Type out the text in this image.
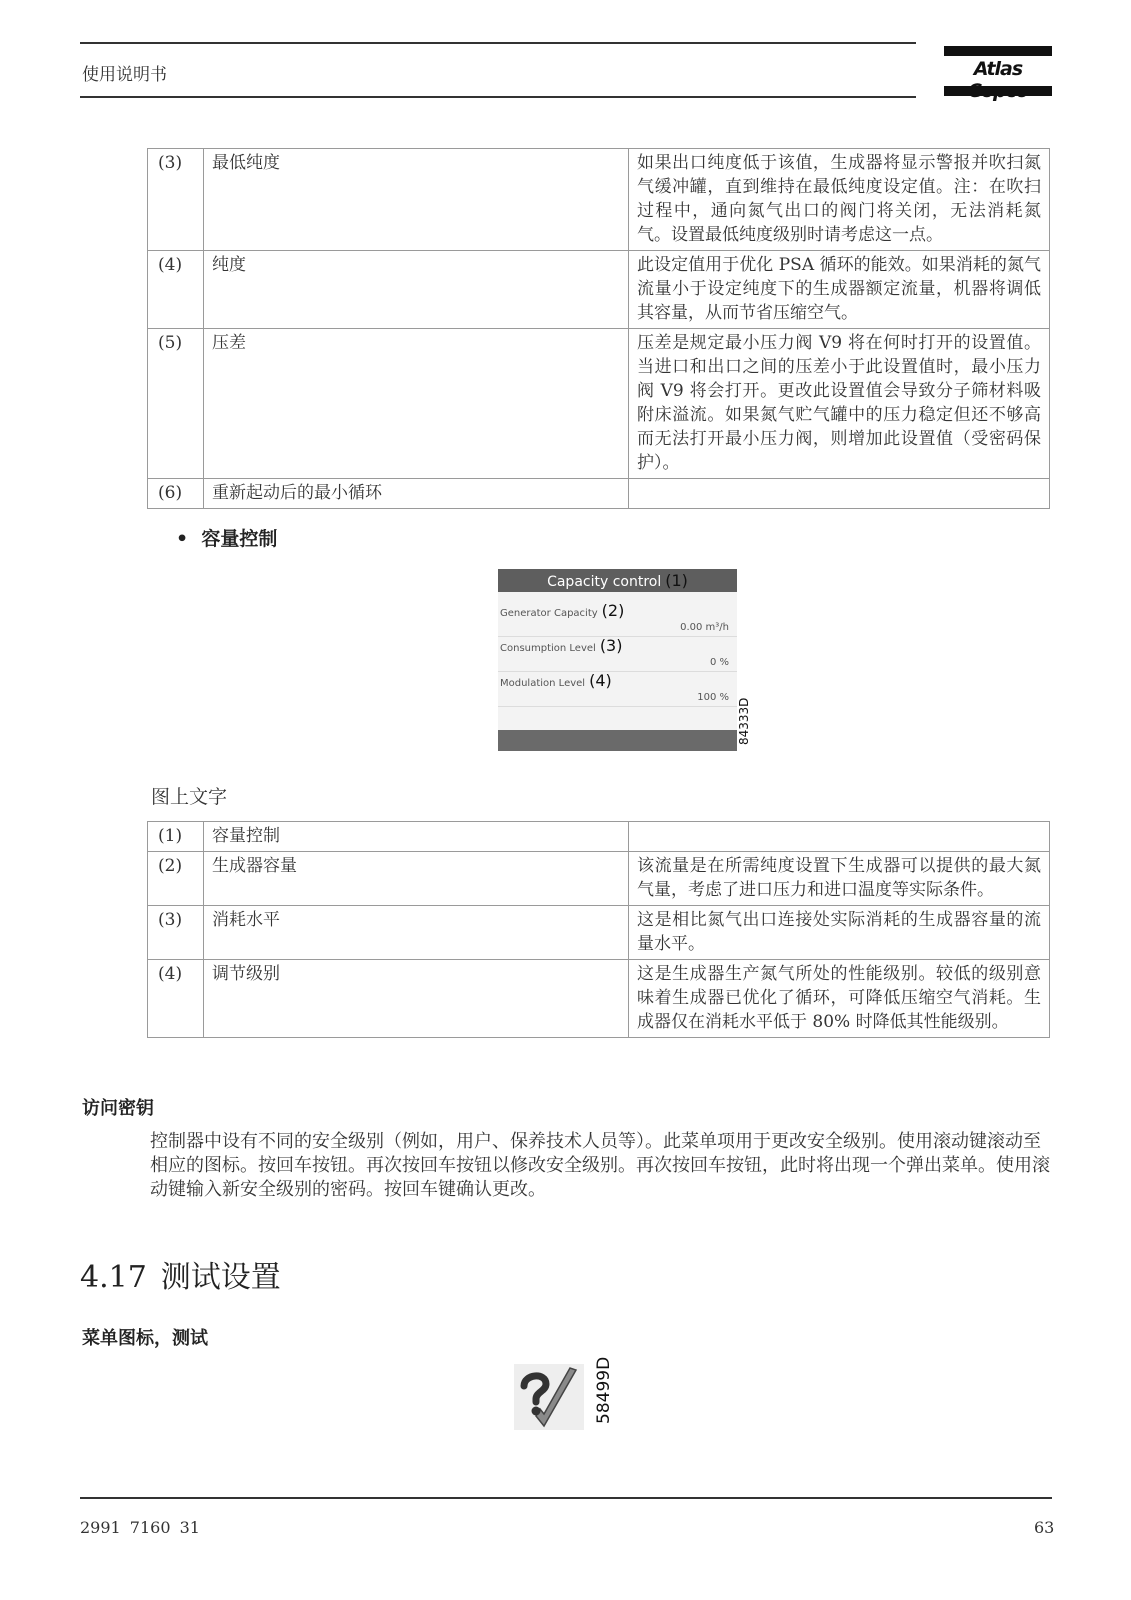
使用说明书	Atlas
(3)	最低纯度	如果出口纯度低于该值，生成器将显示警报并吹扫氮气缓冲罐，直到维持在最低纯度设定值。注：在吹扫过程中，通向氮气出口的阀门将关闭，无法消耗氮气。设置最低纯度级别时请考虑这一点。
(4)	纯度	此设定值用于优化 PSA 循环的能效。如果消耗的氮气流量小于设定纯度下的生成器额定流量，机器将调低其容量，从而节省压缩空气。
(5)	压差	压差是规定最小压力阀 V9 将在何时打开的设置值。当进口和出口之间的压差小于此设置值时，最小压力阀 V9 将会打开。更改此设置值会导致分子筛材料吸附床溢流。如果氮气贮气罐中的压力稳定但还不够高而无法打开最小压力阀，则增加此设置值（受密码保护）。
(6)	重新起动后的最小循环	
•  容量控制
Capacity control (1)
Generator Capacity (2)
0.00 m³/h
Consumption Level (3)
0 %
Modulation Level (4)
100 %
84333D
图上文字
(1)	容量控制	
(2)	生成器容量	该流量是在所需纯度设置下生成器可以提供的最大氮气量，考虑了进口压力和进口温度等实际条件。
(3)	消耗水平	这是相比氮气出口连接处实际消耗的生成器容量的流量水平。
(4)	调节级别	这是生成器生产氮气所处的性能级别。较低的级别意味着生成器已优化了循环，可降低压缩空气消耗。生成器仅在消耗水平低于 80% 时降低其性能级别。
访问密钥
控制器中设有不同的安全级别（例如，用户、保养技术人员等）。此菜单项用于更改安全级别。使用滚动键滚动至相应的图标。按回车按钮。再次按回车按钮以修改安全级别。再次按回车按钮，此时将出现一个弹出菜单。使用滚动键输入新安全级别的密码。按回车键确认更改。
4.17 测试设置
菜单图标，测试
58499D
2991 7160 31	63
